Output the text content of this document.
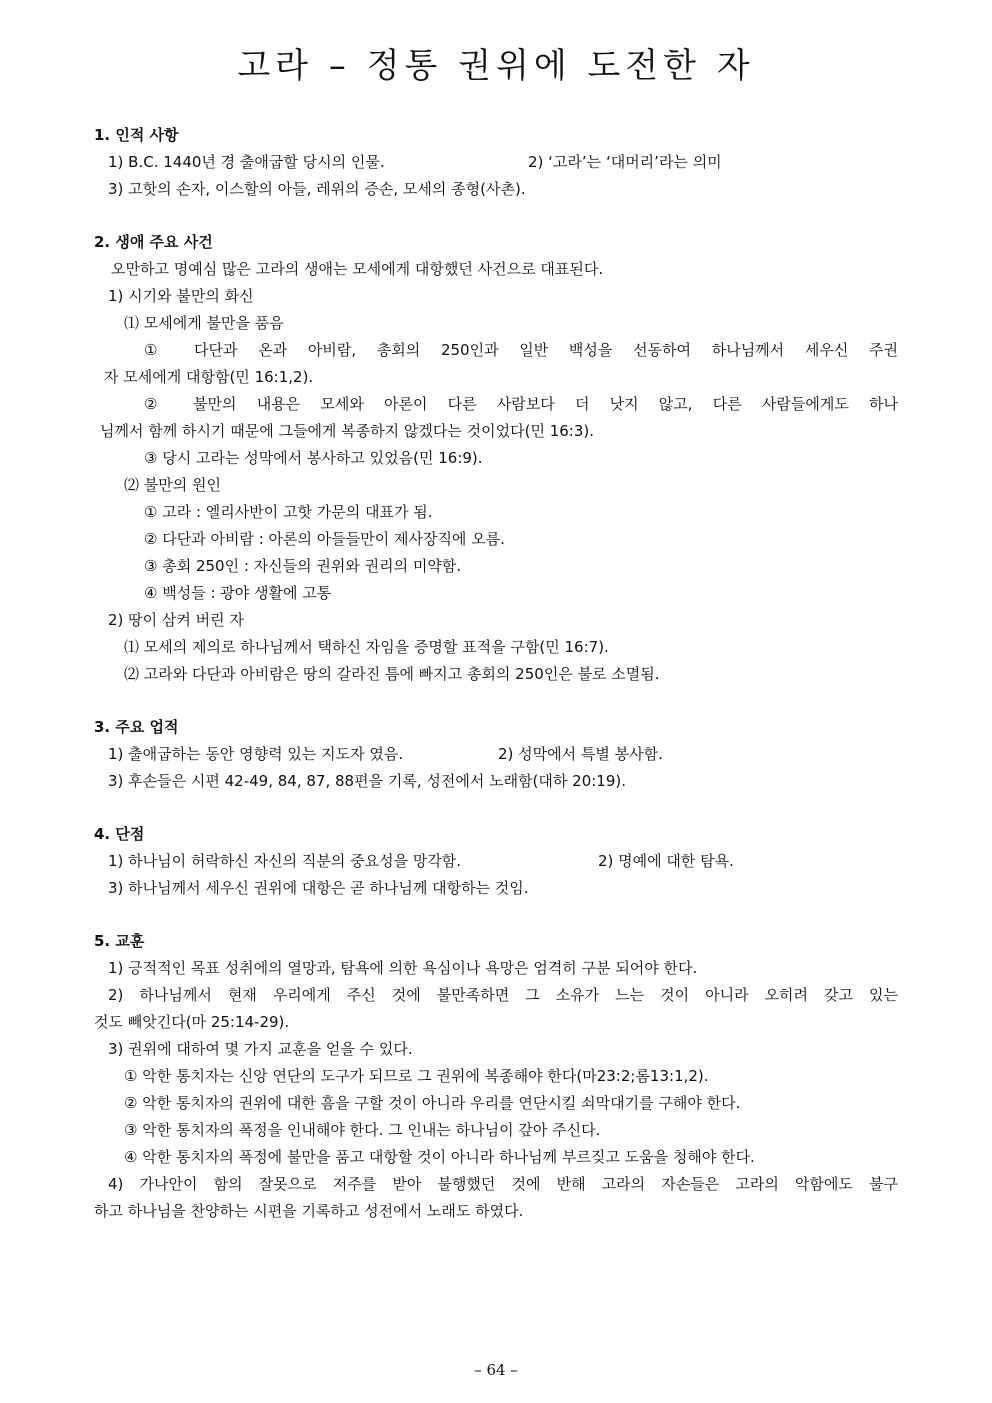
고라 – 정통 권위에 도전한 자
1. 인적 사항
1) B.C. 1440년 경 출애굽할 당시의 인물.	2) ‘고라’는 ‘대머리’라는 의미
3) 고핫의 손자, 이스할의 아들, 레위의 증손, 모세의 종형(사촌).
2. 생애 주요 사건
오만하고 명예심 많은 고라의 생애는 모세에게 대항했던 사건으로 대표된다.
1) 시기와 불만의 화신
⑴ 모세에게 불만을 품음
① 다단과 온과 아비람, 총회의 250인과 일반 백성을 선동하여 하나님께서 세우신 주권
자 모세에게 대항함(민 16:1,2).
② 불만의 내용은 모세와 아론이 다른 사람보다 더 낫지 않고, 다른 사람들에게도 하나
님께서 함께 하시기 때문에 그들에게 복종하지 않겠다는 것이었다(민 16:3).
③ 당시 고라는 성막에서 봉사하고 있었음(민 16:9).
⑵ 불만의 원인
① 고라 : 엘리사반이 고핫 가문의 대표가 됨.
② 다단과 아비람 : 아론의 아들들만이 제사장직에 오름.
③ 총회 250인 : 자신들의 권위와 권리의 미약함.
④ 백성들 : 광야 생활에 고통
2) 땅이 삼켜 버린 자
⑴ 모세의 제의로 하나님께서 택하신 자임을 증명할 표적을 구함(민 16:7).
⑵ 고라와 다단과 아비람은 땅의 갈라진 틈에 빠지고 총회의 250인은 불로 소멸됨.
3. 주요 업적
1) 출애굽하는 동안 영향력 있는 지도자 였음.	2) 성막에서 특별 봉사함.
3) 후손들은 시편 42-49, 84, 87, 88편을 기록, 성전에서 노래함(대하 20:19).
4. 단점
1) 하나님이 허락하신 자신의 직분의 중요성을 망각함.	2) 명예에 대한 탐욕.
3) 하나님께서 세우신 권위에 대항은 곧 하나님께 대항하는 것임.
5. 교훈
1) 긍적적인 목표 성취에의 열망과, 탐욕에 의한 욕심이나 욕망은 엄격히 구분 되어야 한다.
2) 하나님께서 현재 우리에게 주신 것에 불만족하면 그 소유가 느는 것이 아니라 오히려 갖고 있는
것도 빼앗긴다(마 25:14-29).
3) 권위에 대하여 몇 가지 교훈을 얻을 수 있다.
① 악한 통치자는 신앙 연단의 도구가 되므로 그 권위에 복종해야 한다(마23:2;롬13:1,2).
② 악한 통치자의 권위에 대한 흠을 구할 것이 아니라 우리를 연단시킬 쇠막대기를 구해야 한다.
③ 악한 통치자의 폭정을 인내해야 한다. 그 인내는 하나님이 갚아 주신다.
④ 악한 통치자의 폭정에 불만을 품고 대항할 것이 아니라 하나님께 부르짖고 도움을 청해야 한다.
4) 가나안이 함의 잘못으로 저주를 받아 불행했던 것에 반해 고라의 자손들은 고라의 악함에도 불구
하고 하나님을 찬양하는 시편을 기록하고 성전에서 노래도 하였다.
– 64 –
